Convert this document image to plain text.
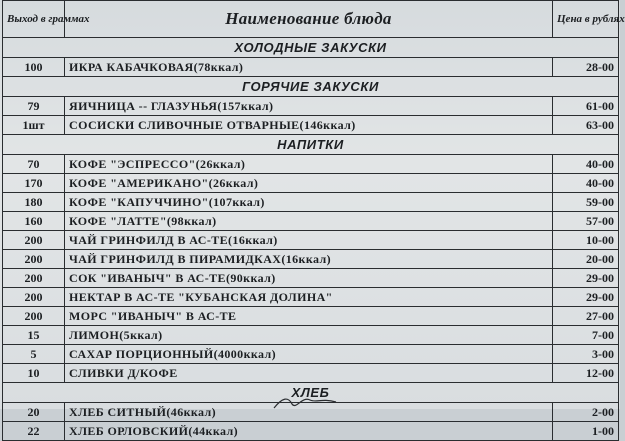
Выход в граммах	Наименование блюда	Цена в рублях
ХОЛОДНЫЕ ЗАКУСКИ		
100	ИКРА КАБАЧКОВАЯ(78ккал)	28-00
ГОРЯЧИЕ ЗАКУСКИ		
79	ЯИЧНИЦА -- ГЛАЗУНЬЯ(157ккал)	61-00
1шт	СОСИСКИ СЛИВОЧНЫЕ ОТВАРНЫЕ(146ккал)	63-00
НАПИТКИ		
70	КОФЕ "ЭСПРЕССО"(26ккал)	40-00
170	КОФЕ "АМЕРИКАНО"(26ккал)	40-00
180	КОФЕ "КАПУЧЧИНО"(107ккал)	59-00
160	КОФЕ "ЛАТТЕ"(98ккал)	57-00
200	ЧАЙ ГРИНФИЛД В АС-ТЕ(16ккал)	10-00
200	ЧАЙ ГРИНФИЛД В ПИРАМИДКАХ(16ккал)	20-00
200	СОК "ИВАНЫЧ" В АС-ТЕ(90ккал)	29-00
200	НЕКТАР В АС-ТЕ "КУБАНСКАЯ ДОЛИНА"	29-00
200	МОРС "ИВАНЫЧ" В АС-ТЕ	27-00
15	ЛИМОН(5ккал)	7-00
5	САХАР ПОРЦИОННЫЙ(4000ккал)	3-00
10	СЛИВКИ Д/КОФЕ	12-00
ХЛЕБ		
20	ХЛЕБ СИТНЫЙ(46ккал)	2-00
22	ХЛЕБ ОРЛОВСКИЙ(44ккал)	1-00
